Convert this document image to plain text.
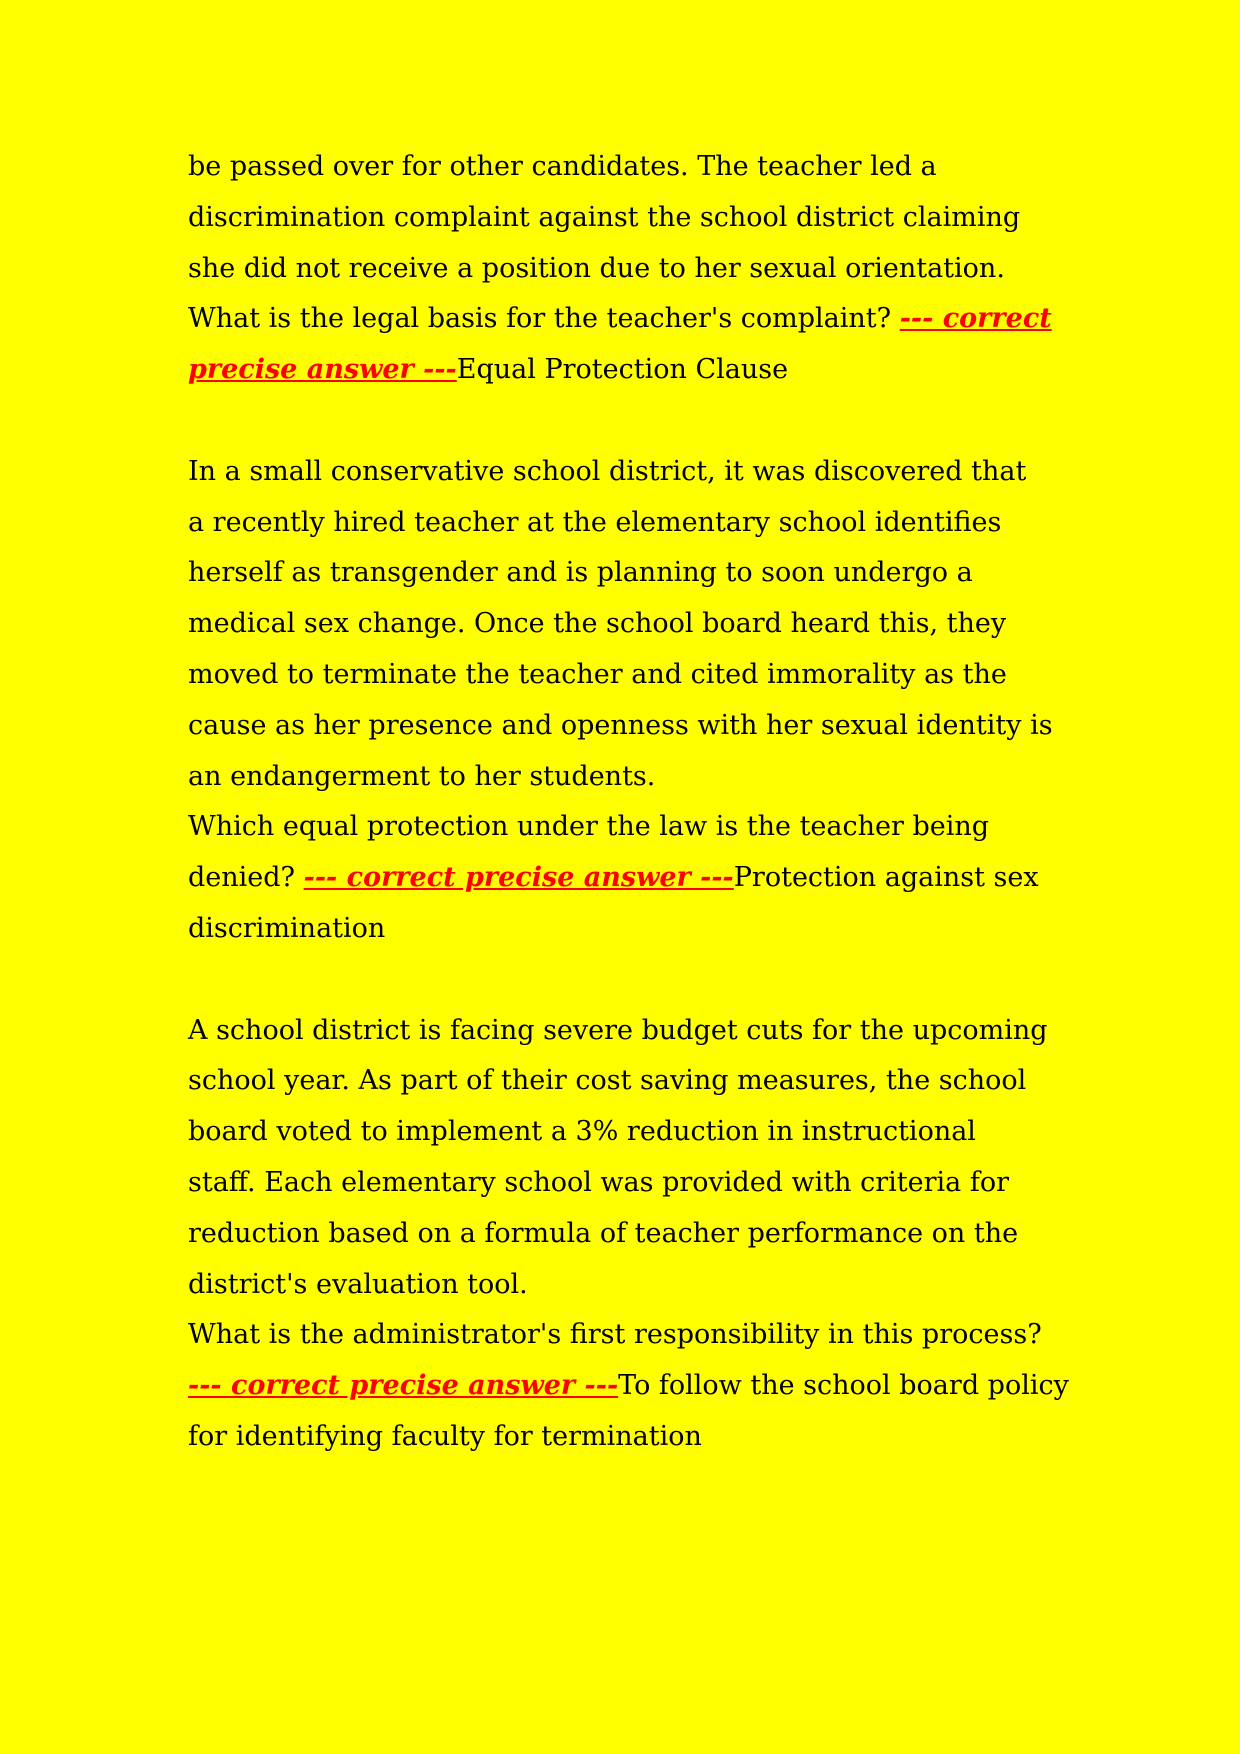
be passed over for other candidates. The teacher led a
discrimination complaint against the school district claiming
she did not receive a position due to her sexual orientation.
What is the legal basis for the teacher's complaint? --- correct
precise answer ---Equal Protection Clause
In a small conservative school district, it was discovered that
a recently hired teacher at the elementary school identifies
herself as transgender and is planning to soon undergo a
medical sex change. Once the school board heard this, they
moved to terminate the teacher and cited immorality as the
cause as her presence and openness with her sexual identity is
an endangerment to her students.
Which equal protection under the law is the teacher being
denied? --- correct precise answer ---Protection against sex
discrimination
A school district is facing severe budget cuts for the upcoming
school year. As part of their cost saving measures, the school
board voted to implement a 3% reduction in instructional
staff. Each elementary school was provided with criteria for
reduction based on a formula of teacher performance on the
district's evaluation tool.
What is the administrator's first responsibility in this process?
--- correct precise answer ---To follow the school board policy
for identifying faculty for termination
